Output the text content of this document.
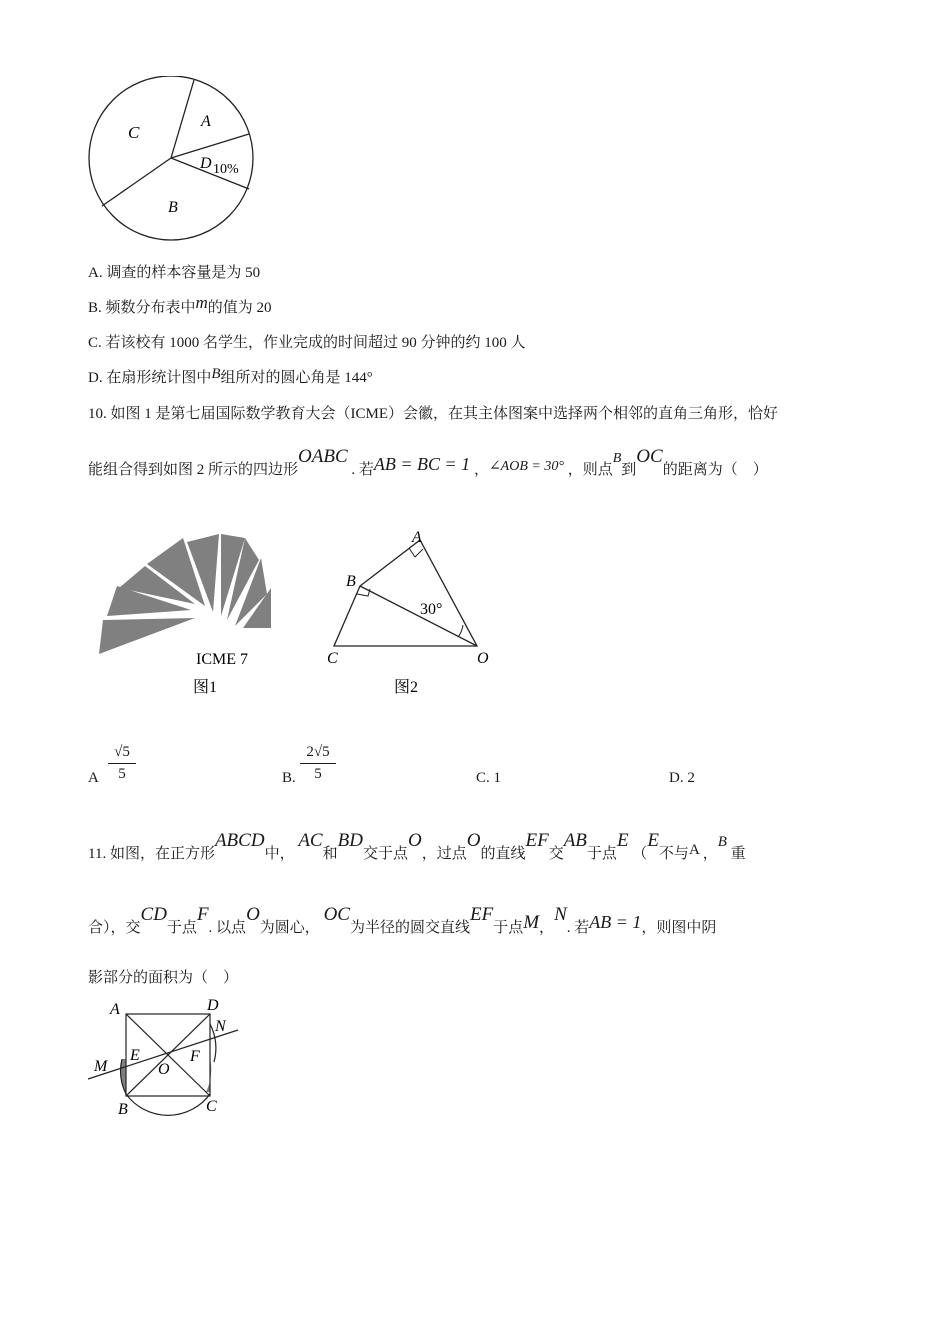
C
A
D 10%
B
A. 调查的样本容量是为 50
B. 频数分布表中m的值为 20
C. 若该校有 1000 名学生，作业完成的时间超过 90 分钟的约 100 人
D. 在扇形统计图中B组所对的圆心角是 144°
10. 如图 1 是第七届国际数学教育大会（ICME）会徽，在其主体图案中选择两个相邻的直角三角形，恰好
能组合得到如图 2 所示的四边形OABC . 若AB = BC = 1 ，∠AOB = 30° ，则点B到OC的距离为（　）
ICME 7
图1
A
B
C	O
30°
图2
A
√5
5	B.
2√5
5	C. 1	D. 2
11. 如图，在正方形ABCD中， AC和BD交于点O，过点O的直线EF交AB于点E （E不与A ，B 重
合），交CD于点F. 以点O为圆心， OC为半径的圆交直线EF于点M，N. 若AB = 1，则图中阴
影部分的面积为（　）
A	D
N
M
E	F
O
B	C
